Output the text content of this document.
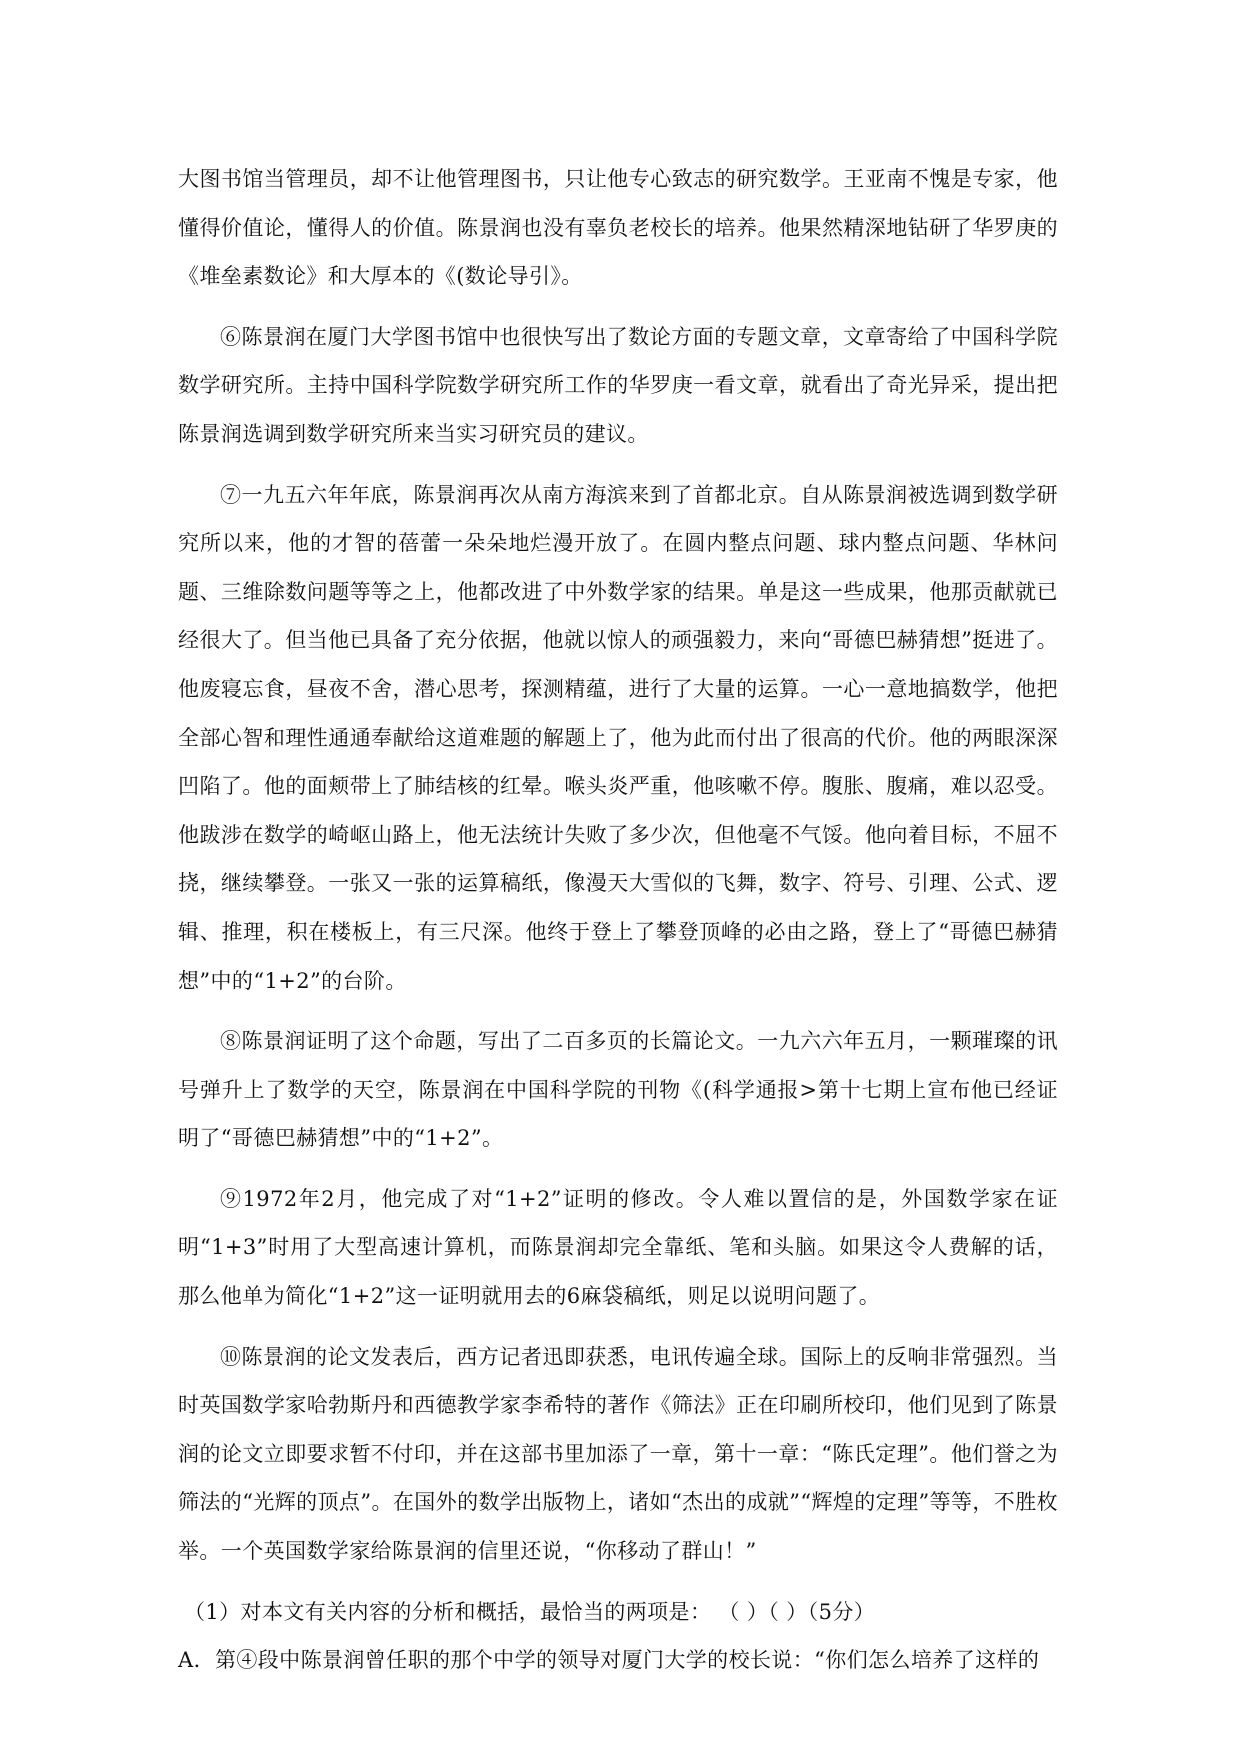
大图书馆当管理员，却不让他管理图书，只让他专心致志的研究数学。王亚南不愧是专家，他懂得价值论，懂得人的价值。陈景润也没有辜负老校长的培养。他果然精深地钻研了华罗庚的《堆垒素数论》和大厚本的《(数论导引》。

⑥陈景润在厦门大学图书馆中也很快写出了数论方面的专题文章，文章寄给了中国科学院数学研究所。主持中国科学院数学研究所工作的华罗庚一看文章，就看出了奇光异采，提出把陈景润选调到数学研究所来当实习研究员的建议。

⑦一九五六年年底，陈景润再次从南方海滨来到了首都北京。自从陈景润被选调到数学研究所以来，他的才智的蓓蕾一朵朵地烂漫开放了。在圆内整点问题、球内整点问题、华林问题、三维除数问题等等之上，他都改进了中外数学家的结果。单是这一些成果，他那贡献就已经很大了。但当他已具备了充分依据，他就以惊人的顽强毅力，来向“哥德巴赫猜想”挺进了。他废寝忘食，昼夜不舍，潜心思考，探测精蕴，进行了大量的运算。一心一意地搞数学，他把全部心智和理性通通奉献给这道难题的解题上了，他为此而付出了很高的代价。他的两眼深深凹陷了。他的面颊带上了肺结核的红晕。喉头炎严重，他咳嗽不停。腹胀、腹痛，难以忍受。他跋涉在数学的崎岖山路上，他无法统计失败了多少次，但他毫不气馁。他向着目标，不屈不挠，继续攀登。一张又一张的运算稿纸，像漫天大雪似的飞舞，数字、符号、引理、公式、逻辑、推理，积在楼板上，有三尺深。他终于登上了攀登顶峰的必由之路，登上了“哥德巴赫猜想”中的“1+2”的台阶。

⑧陈景润证明了这个命题，写出了二百多页的长篇论文。一九六六年五月，一颗璀璨的讯号弹升上了数学的天空，陈景润在中国科学院的刊物《(科学通报>第十七期上宣布他已经证明了“哥德巴赫猜想”中的“1+2”。

⑨1972年2月，他完成了对“1+2”证明的修改。令人难以置信的是，外国数学家在证明“1+3”时用了大型高速计算机，而陈景润却完全靠纸、笔和头脑。如果这令人费解的话，那么他单为简化“1+2”这一证明就用去的6麻袋稿纸，则足以说明问题了。

⑩陈景润的论文发表后，西方记者迅即获悉，电讯传遍全球。国际上的反响非常强烈。当时英国数学家哈勃斯丹和西德教学家李希特的著作《筛法》正在印刷所校印，他们见到了陈景润的论文立即要求暂不付印，并在这部书里加添了一章，第十一章：“陈氏定理”。他们誉之为筛法的“光辉的顶点”。在国外的数学出版物上，诸如“杰出的成就”“辉煌的定理”等等，不胜枚举。一个英国数学家给陈景润的信里还说，“你移动了群山！”

（1）对本文有关内容的分析和概括，最恰当的两项是： （ ）（ ）（5分）

A．第④段中陈景润曾任职的那个中学的领导对厦门大学的校长说：“你们怎么培养了这样的
